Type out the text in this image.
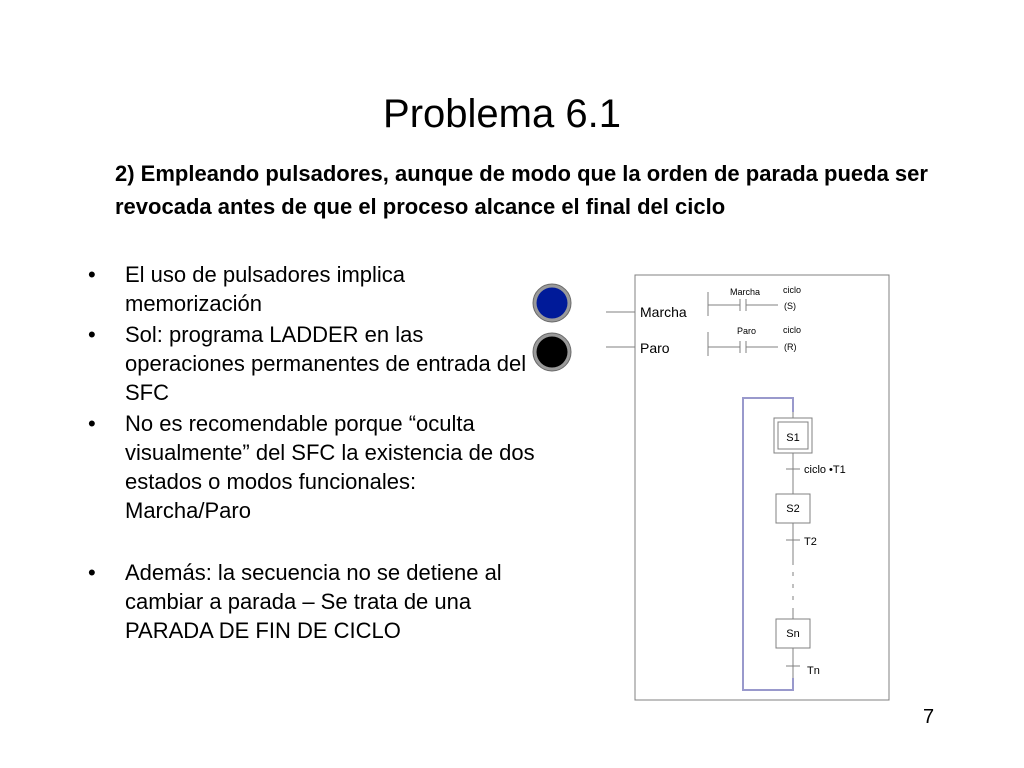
Problema 6.1
2) Empleando pulsadores, aunque de modo que la orden de parada pueda ser revocada antes de que el proceso alcance el final del ciclo
• El uso de pulsadores implica memorización
• Sol: programa LADDER en las operaciones permanentes de entrada del SFC
• No es recomendable porque “oculta visualmente” del SFC la existencia de dos estados o modos funcionales: Marcha/Paro
• Además: la secuencia no se detiene al cambiar a parada – Se trata de una PARADA DE FIN DE CICLO
Marcha
Paro
Marcha	ciclo
(S)
Paro	ciclo
(R)
S1
ciclo •T1
S2
T2
Sn
Tn
7
